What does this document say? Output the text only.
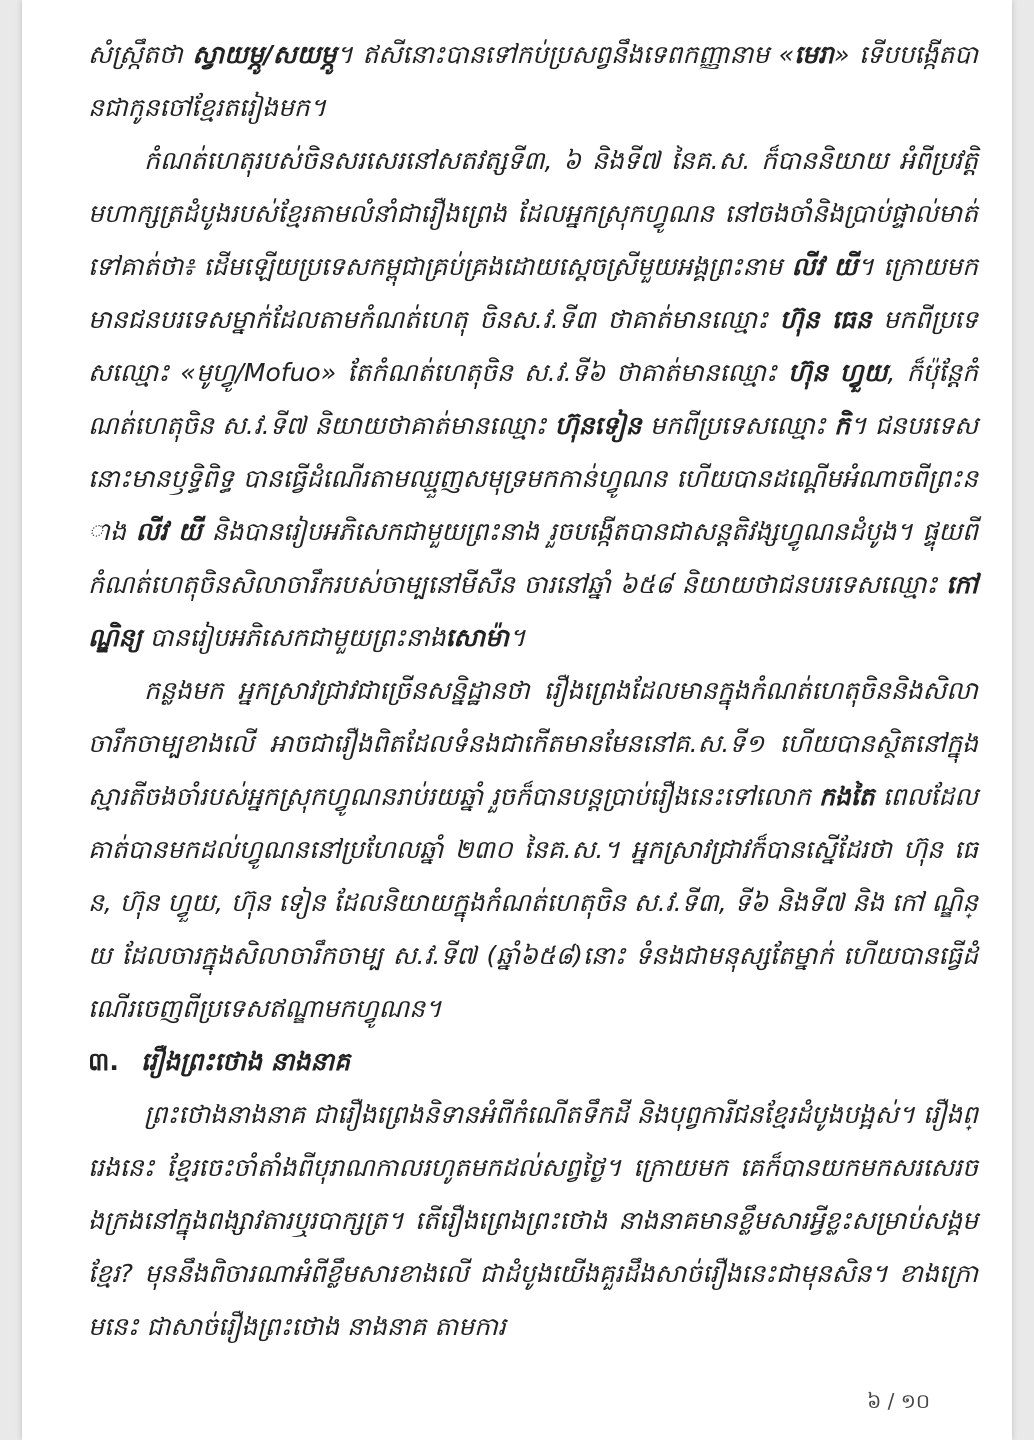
សំស្ក្រឹតថា ស្វាយម្ភូ/សយម្ភូ។ ឥសីនោះបានទៅកប់ប្រសព្វនឹងទេពកញ្ញានាម «មេរា» ទើបបង្កើតបានជាកូនចៅខ្មែរតរៀងមក។

កំណត់ហេតុរបស់ចិនសរសេរនៅសតវត្សទី៣, ៦ និងទី៧ នៃគ.ស. ក៏បាននិយាយ អំពីប្រវត្តិមហាក្សត្រដំបូងរបស់ខ្មែរតាមលំនាំជារឿងព្រេង ដែលអ្នកស្រុកហ្វូណន នៅចងចាំនិងប្រាប់ផ្ទាល់មាត់ទៅគាត់ថា៖ ដើមឡើយប្រទេសកម្ពុជាគ្រប់គ្រងដោយស្តេចស្រីមួយអង្គព្រះនាម លីវ យី។ ក្រោយមកមានជនបរទេសម្នាក់ដែលតាមកំណត់ហេតុ ចិនស.វ.ទី៣ ថាគាត់មានឈ្មោះ ហ៊ុន ធេន មកពីប្រទេសឈ្មោះ «មូហ្វូ/Mofuo» តែកំណត់ហេតុចិន ស.វ.ទី៦ ថាគាត់មានឈ្មោះ ហ៊ុន ហ្វួយ, ក៏ប៉ុន្តែកំណត់ហេតុចិន ស.វ.ទី៧ និយាយថាគាត់មានឈ្មោះ ហ៊ុនទៀន មកពីប្រទេសឈ្មោះ កិ។ ជនបរទេសនោះមានឫទ្ធិពិទ្ធ បានធ្វើដំណើរតាមឈ្មួញសមុទ្រមកកាន់ហ្វូណន ហើយបានដណ្តើមអំណាចពីព្រះនាង លីវ យី និងបានរៀបអភិសេកជាមួយព្រះនាង រួចបង្កើតបានជាសន្តតិវង្សហ្វូណនដំបូង។ ផ្ទុយពីកំណត់ហេតុចិនសិលាចារឹករបស់ចាម្បនៅមីសឺន ចារនៅឆ្នាំ ៦៥៨ និយាយថាជនបរទេសឈ្មោះ កៅណ្ឌិន្យ បានរៀបអភិសេកជាមួយព្រះនាងសោម៉ា។

កន្លងមក អ្នកស្រាវជ្រាវជាច្រើនសន្និដ្ឋានថា រឿងព្រេងដែលមានក្នុងកំណត់ហេតុចិននិងសិលាចារឹកចាម្បខាងលើ អាចជារឿងពិតដែលទំនងជាកើតមានមែននៅគ.ស.ទី១ ហើយបានស្ថិតនៅក្នុងស្មារតីចងចាំរបស់អ្នកស្រុកហ្វូណនរាប់រយឆ្នាំ រួចក៏បានបន្តប្រាប់រឿងនេះទៅលោក កងតៃ ពេលដែលគាត់បានមកដល់ហ្វូណននៅប្រហែលឆ្នាំ ២៣០ នៃគ.ស.។ អ្នកស្រាវជ្រាវក៏បានស្នើដែរថា ហ៊ុន ធេន, ហ៊ុន ហ្វួយ, ហ៊ុន ទៀន ដែលនិយាយក្នុងកំណត់ហេតុចិន ស.វ.ទី៣, ទី៦ និងទី៧ និង កៅ ណ្ឌិន្យ ដែលចារក្នុងសិលាចារឹកចាម្ប ស.វ.ទី៧ (ឆ្នាំ៦៥៨)នោះ ទំនងជាមនុស្សតែម្នាក់ ហើយបានធ្វើដំណើរចេញពីប្រទេសឥណ្ឌាមកហ្វូណន។

៣. រឿងព្រះថោង នាងនាគ

ព្រះថោងនាងនាគ ជារឿងព្រេងនិទានអំពីកំណើតទឹកដី និងបុព្វការីជនខ្មែរដំបូងបង្អស់។ រឿងព្រេងនេះ ខ្មែរចេះចាំតាំងពីបុរាណកាលរហូតមកដល់សព្វថ្ងៃ។ ក្រោយមក គេក៏បានយកមកសរសេរចងក្រងនៅក្នុងពង្សាវតារឬរបាក្សត្រ។ តើរឿងព្រេងព្រះថោង នាងនាគមានខ្លឹមសារអ្វីខ្លះសម្រាប់សង្គមខ្មែរ? មុននឹងពិចារណាអំពីខ្លឹមសារខាងលើ ជាដំបូងយើងគួរដឹងសាច់រឿងនេះជាមុនសិន។ ខាងក្រោមនេះ ជាសាច់រឿងព្រះថោង នាងនាគ តាមការ

៦ / ១០
